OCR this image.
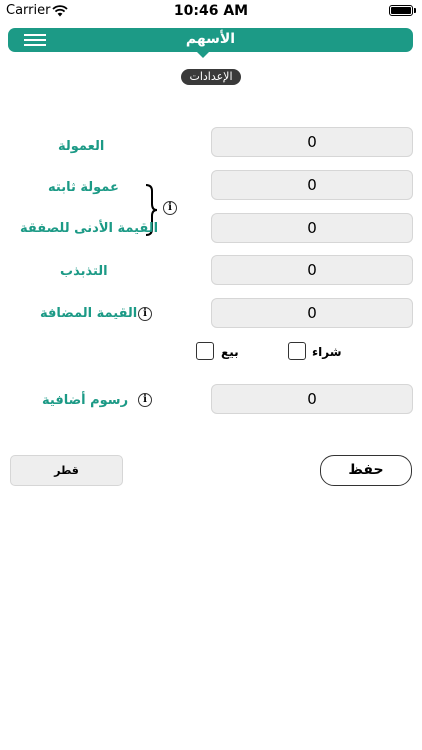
Carrier	10:46 AM
الأسهم
الإعدادات
العمولة	0
عمولة ثابته	0
i
القيمة الأدنى للصفقة	0
التذبذب	0
القيمة المضافة i	0
بيع	شراء
رسوم أضافية	i	0
قطر	حفظ
